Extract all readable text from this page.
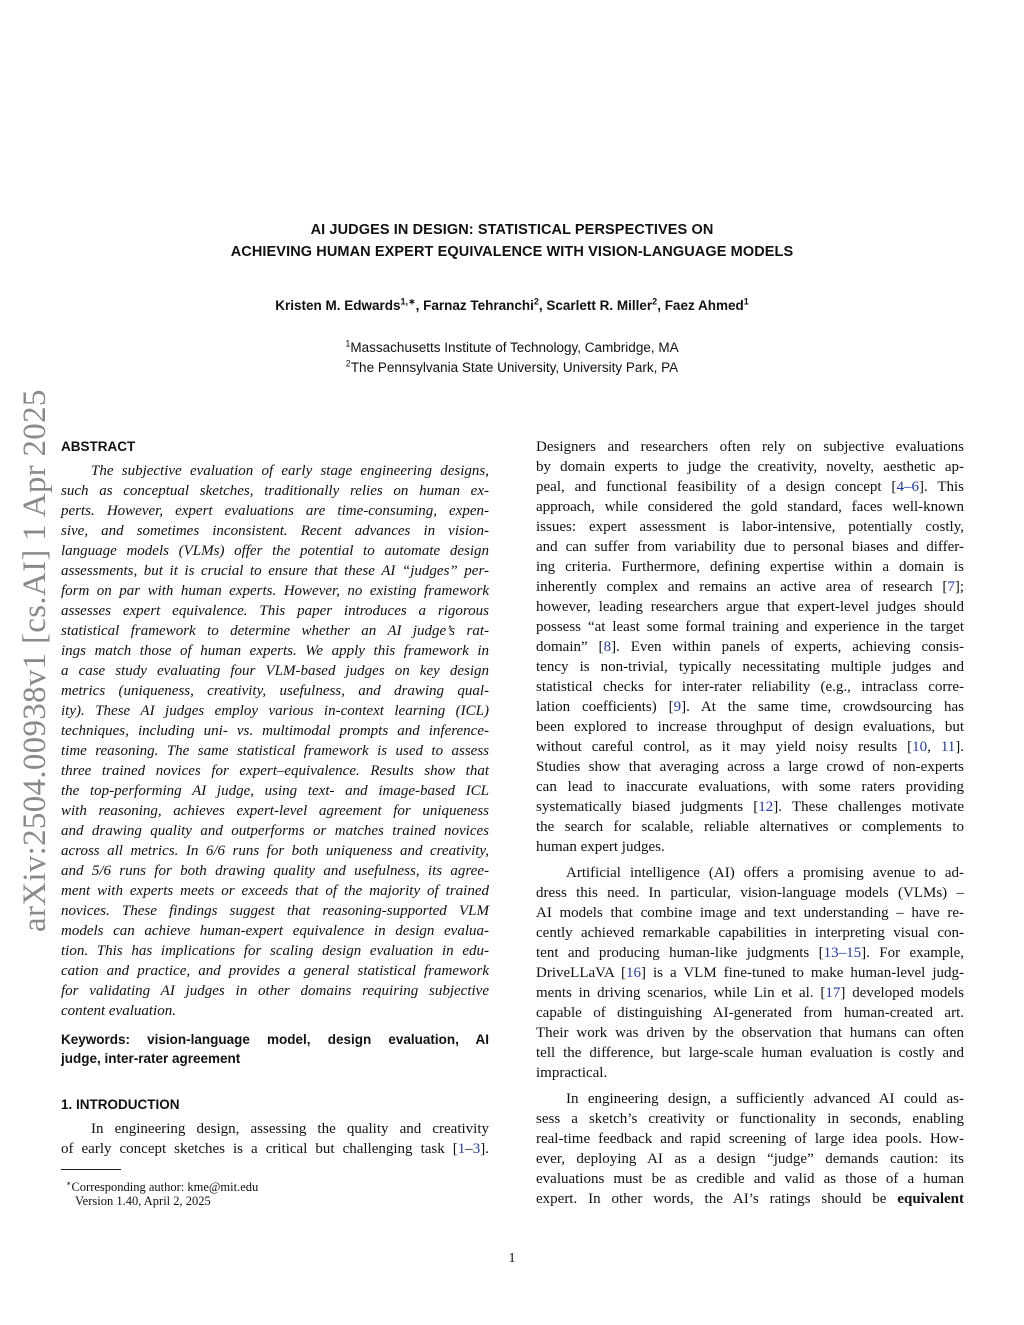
arXiv:2504.00938v1 [cs.AI] 1 Apr 2025
AI JUDGES IN DESIGN: STATISTICAL PERSPECTIVES ON
ACHIEVING HUMAN EXPERT EQUIVALENCE WITH VISION-LANGUAGE MODELS
Kristen M. Edwards$^{1,∗}$, Farnaz Tehranchi$^2$, Scarlett R. Miller$^2$, Faez Ahmed$^1$
$^1$Massachusetts Institute of Technology, Cambridge, MA
$^2$The Pennsylvania State University, University Park, PA
ABSTRACT
The subjective evaluation of early stage engineering designs,
such as conceptual sketches, traditionally relies on human ex-
perts. However, expert evaluations are time-consuming, expen-
sive, and sometimes inconsistent. Recent advances in vision-
language models (VLMs) offer the potential to automate design
assessments, but it is crucial to ensure that these AI “judges” per-
form on par with human experts. However, no existing framework
assesses expert equivalence. This paper introduces a rigorous
statistical framework to determine whether an AI judge’s rat-
ings match those of human experts. We apply this framework in
a case study evaluating four VLM-based judges on key design
metrics (uniqueness, creativity, usefulness, and drawing qual-
ity). These AI judges employ various in-context learning (ICL)
techniques, including uni- vs. multimodal prompts and inference-
time reasoning. The same statistical framework is used to assess
three trained novices for expert–equivalence. Results show that
the top-performing AI judge, using text- and image-based ICL
with reasoning, achieves expert-level agreement for uniqueness
and drawing quality and outperforms or matches trained novices
across all metrics. In 6/6 runs for both uniqueness and creativity,
and 5/6 runs for both drawing quality and usefulness, its agree-
ment with experts meets or exceeds that of the majority of trained
novices. These findings suggest that reasoning-supported VLM
models can achieve human-expert equivalence in design evalua-
tion. This has implications for scaling design evaluation in edu-
cation and practice, and provides a general statistical framework
for validating AI judges in other domains requiring subjective
content evaluation.
Keywords: vision-language model, design evaluation, AI
judge, inter-rater agreement
1. INTRODUCTION
In engineering design, assessing the quality and creativity
of early concept sketches is a critical but challenging task [1–3].
∗Corresponding author: kme@mit.edu
Version 1.40, April 2, 2025
Designers and researchers often rely on subjective evaluations
by domain experts to judge the creativity, novelty, aesthetic ap-
peal, and functional feasibility of a design concept [4–6]. This
approach, while considered the gold standard, faces well-known
issues: expert assessment is labor-intensive, potentially costly,
and can suffer from variability due to personal biases and differ-
ing criteria. Furthermore, defining expertise within a domain is
inherently complex and remains an active area of research [7];
however, leading researchers argue that expert-level judges should
possess “at least some formal training and experience in the target
domain” [8]. Even within panels of experts, achieving consis-
tency is non-trivial, typically necessitating multiple judges and
statistical checks for inter-rater reliability (e.g., intraclass corre-
lation coefficients) [9]. At the same time, crowdsourcing has
been explored to increase throughput of design evaluations, but
without careful control, as it may yield noisy results [10, 11].
Studies show that averaging across a large crowd of non-experts
can lead to inaccurate evaluations, with some raters providing
systematically biased judgments [12]. These challenges motivate
the search for scalable, reliable alternatives or complements to
human expert judges.
Artificial intelligence (AI) offers a promising avenue to ad-
dress this need. In particular, vision-language models (VLMs) –
AI models that combine image and text understanding – have re-
cently achieved remarkable capabilities in interpreting visual con-
tent and producing human-like judgments [13–15]. For example,
DriveLLaVA [16] is a VLM fine-tuned to make human-level judg-
ments in driving scenarios, while Lin et al. [17] developed models
capable of distinguishing AI-generated from human-created art.
Their work was driven by the observation that humans can often
tell the difference, but large-scale human evaluation is costly and
impractical.
In engineering design, a sufficiently advanced AI could as-
sess a sketch’s creativity or functionality in seconds, enabling
real-time feedback and rapid screening of large idea pools. How-
ever, deploying AI as a design “judge” demands caution: its
evaluations must be as credible and valid as those of a human
expert. In other words, the AI’s ratings should be equivalent
1
